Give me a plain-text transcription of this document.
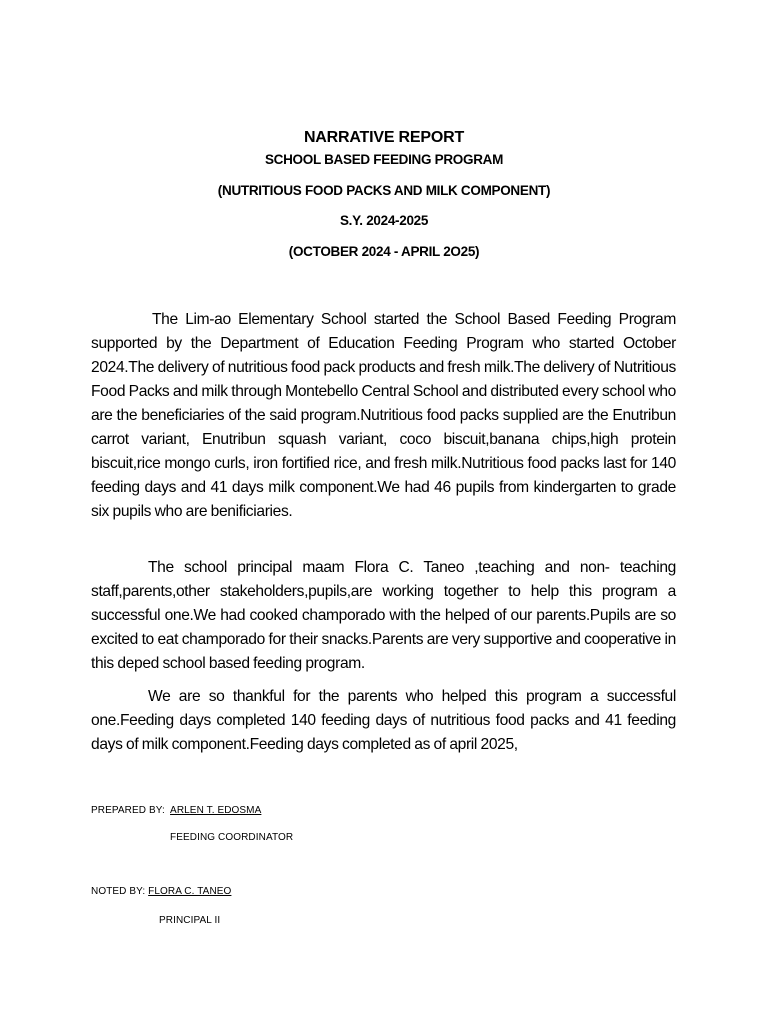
NARRATIVE REPORT
SCHOOL BASED FEEDING PROGRAM
(NUTRITIOUS FOOD PACKS AND MILK COMPONENT)
S.Y. 2024-2025
(OCTOBER 2024 - APRIL 2O25)

The Lim-ao Elementary School started the School Based Feeding Program supported by the Department of Education Feeding Program who started October 2024.The delivery of nutritious food pack products and fresh milk.The delivery of Nutritious Food Packs and milk through Montebello Central School and distributed every school who are the beneficiaries of the said program.Nutritious food packs supplied are the Enutribun carrot variant, Enutribun squash variant, coco biscuit,banana chips,high protein biscuit,rice mongo curls, iron fortified rice, and fresh milk.Nutritious food packs last for 140 feeding days and 41 days milk component.We had 46 pupils from kindergarten to grade six pupils who are benificiaries.

The school principal maam Flora C. Taneo ,teaching and non- teaching staff,parents,other stakeholders,pupils,are working together to help this program a successful one.We had cooked champorado with the helped of our parents.Pupils are so excited to eat champorado for their snacks.Parents are very supportive and cooperative in this deped school based feeding program.

We are so thankful for the parents who helped this program a successful one.Feeding days completed 140 feeding days of nutritious food packs and 41 feeding days of milk component.Feeding days completed as of april 2025,

PREPARED BY: ARLEN T. EDOSMA
FEEDING COORDINATOR
NOTED BY: FLORA C. TANEO
PRINCIPAL II
